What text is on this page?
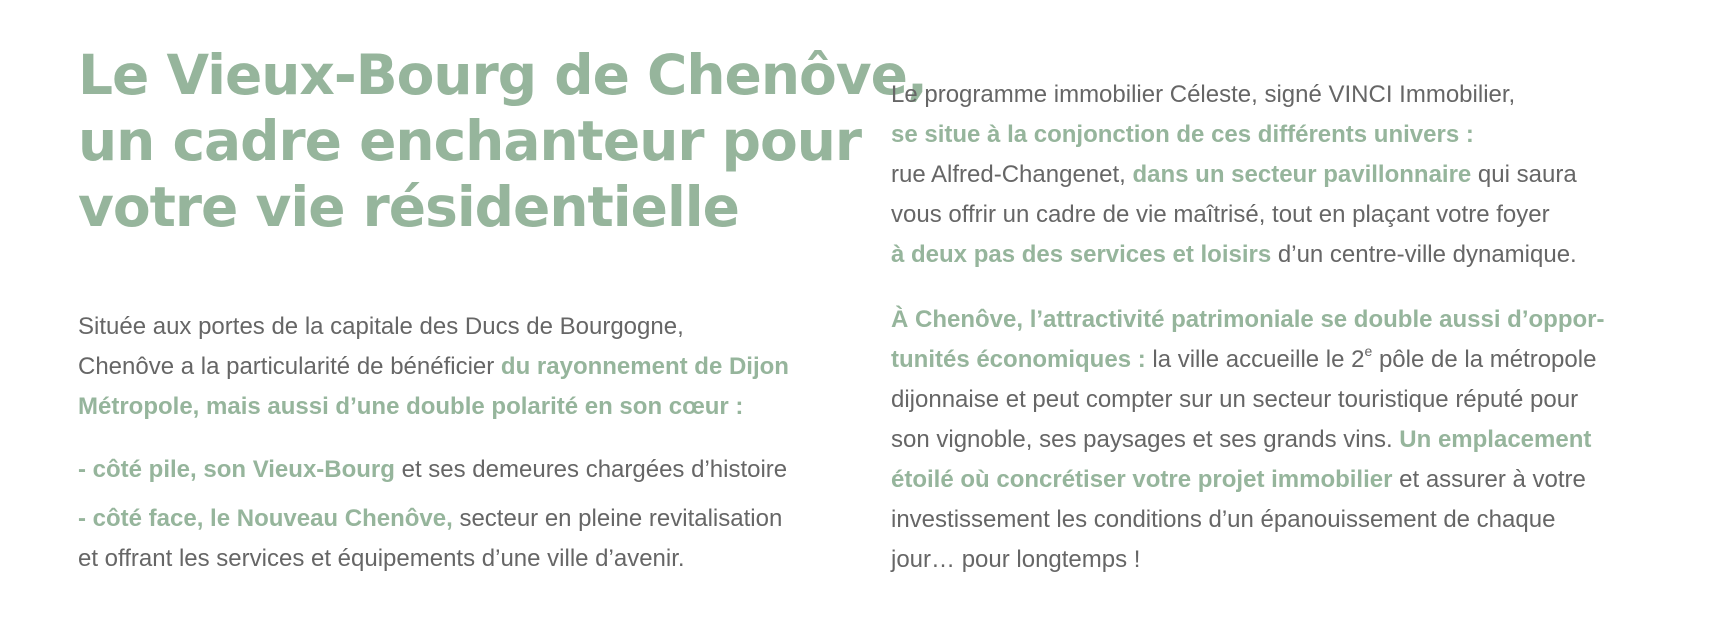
Le Vieux-Bourg de Chenôve,
un cadre enchanteur pour
votre vie résidentielle

Située aux portes de la capitale des Ducs de Bourgogne,
Chenôve a la particularité de bénéficier du rayonnement de Dijon
Métropole, mais aussi d’une double polarité en son cœur :

- côté pile, son Vieux-Bourg et ses demeures chargées d’histoire

- côté face, le Nouveau Chenôve, secteur en pleine revitalisation
et offrant les services et équipements d’une ville d’avenir.

Le programme immobilier Céleste, signé VINCI Immobilier,
se situe à la conjonction de ces différents univers :
rue Alfred-Changenet, dans un secteur pavillonnaire qui saura
vous offrir un cadre de vie maîtrisé, tout en plaçant votre foyer
à deux pas des services et loisirs d’un centre-ville dynamique.

À Chenôve, l’attractivité patrimoniale se double aussi d’oppor-
tunités économiques : la ville accueille le 2e pôle de la métropole
dijonnaise et peut compter sur un secteur touristique réputé pour
son vignoble, ses paysages et ses grands vins. Un emplacement
étoilé où concrétiser votre projet immobilier et assurer à votre
investissement les conditions d’un épanouissement de chaque
jour… pour longtemps !
